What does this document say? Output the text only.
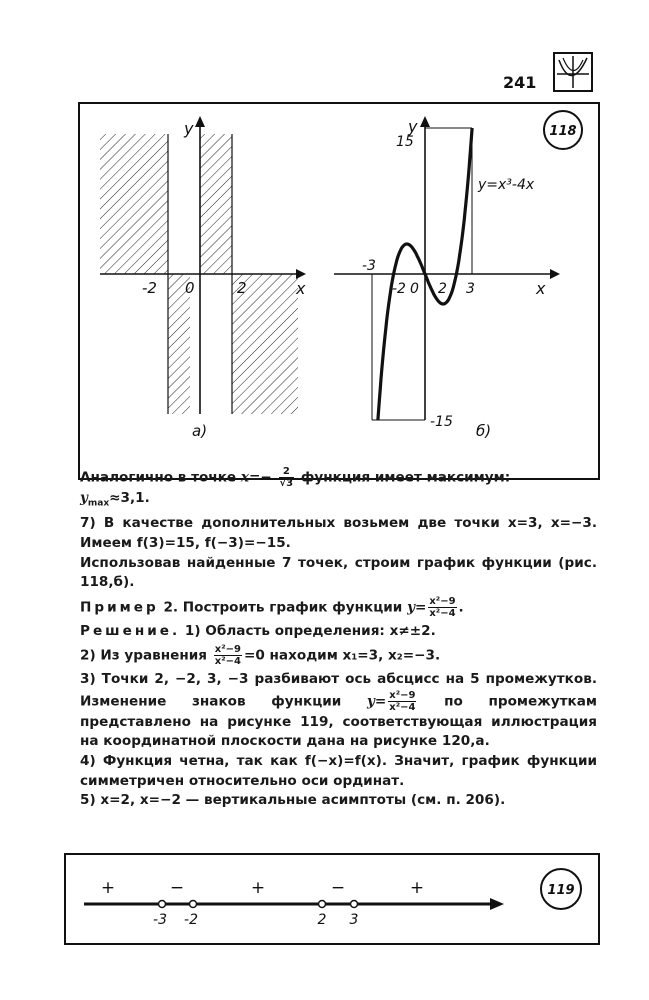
241
y
x
-2 0	2
а)
y
15
-15
-3
-2 0 2 3	x
y=x³-4x
б)
118

Аналогично в точке $x=- \frac{2}{√3}$ функция имеет максимум:

$y_{max}\approx 3,1$.

7) В качестве дополнительных возьмем две точки x=3, x=−3. Имеем f(3)=15, f(−3)=−15.

Использовав найденные 7 точек, строим график функции (рис. 118,б).

Пример 2. Построить график функции $y= \frac{\text{x²−9}}{\text{x²−4}}$ .

Решение. 1) Область определения: x≠±2.

2) Из уравнения $\frac{\text{x²−9}}{\text{x²−4}} =0$ находим x₁=3, x₂=−3.

3) Точки 2, −2, 3, −3 разбивают ось абсцисс на 5 промежутков. Изменение знаков функции $y= \frac{\text{x²−9}}{\text{x²−4}}$ по промежуткам представлено на рисунке 119, соответствующая иллюстрация на координатной плоскости дана на рисунке 120,а.

4) Функция четна, так как f(−x)=f(x). Значит, график функции симметричен относительно оси ординат.

5) x=2, x=−2 — вертикальные асимптоты (см. п. 206).

+	−	+	−	+
-3 -2	2 3
119
